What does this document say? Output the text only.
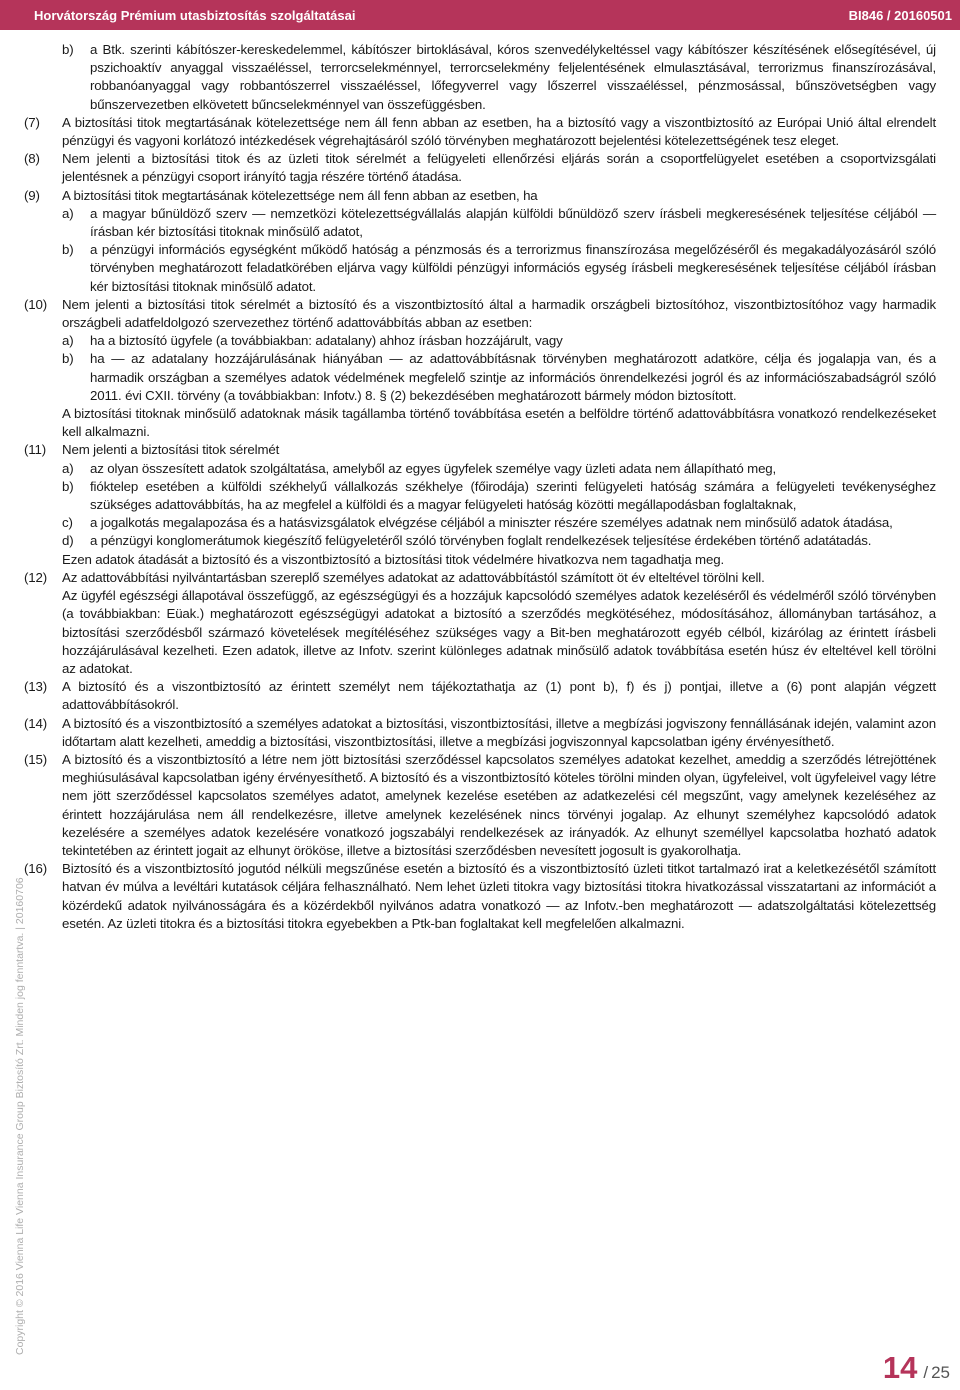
Horvátország Prémium utasbiztosítás szolgáltatásai	BI846 / 20160501
Copyright © 2016 Vienna Life Vienna Insurance Group Biztosító Zrt. Minden jog fenntartva. | 20160706
b)	a Btk. szerinti kábítószer-kereskedelemmel, kábítószer birtoklásával, kóros szenvedélykeltéssel vagy kábítószer készítésének elősegítésével, új pszichoaktív anyaggal visszaéléssel, terrorcselekménnyel, terrorcselekmény feljelentésének elmulasztásával, terrorizmus finanszírozásával, robbanóanyaggal vagy robbantószerrel visszaéléssel, lőfegyverrel vagy lőszerrel visszaéléssel, pénzmosással, bűnszövetségben vagy bűnszervezetben elkövetett bűncselekménnyel van összefüggésben.

(7)	A biztosítási titok megtartásának kötelezettsége nem áll fenn abban az esetben, ha a biztosító vagy a viszontbiztosító az Európai Unió által elrendelt pénzügyi és vagyoni korlátozó intézkedések végrehajtásáról szóló törvényben meghatározott bejelentési kötelezettségének tesz eleget.

(8)	Nem jelenti a biztosítási titok és az üzleti titok sérelmét a felügyeleti ellenőrzési eljárás során a csoportfelügyelet esetében a csoportvizsgálati jelentésnek a pénzügyi csoport irányító tagja részére történő átadása.

(9)	A biztosítási titok megtartásának kötelezettsége nem áll fenn abban az esetben, ha

a)	a magyar bűnüldöző szerv — nemzetközi kötelezettségvállalás alapján külföldi bűnüldöző szerv írásbeli megkeresésének teljesítése céljából — írásban kér biztosítási titoknak minősülő adatot,

b)	a pénzügyi információs egységként működő hatóság a pénzmosás és a terrorizmus finanszírozása megelőzéséről és megakadályozásáról szóló törvényben meghatározott feladatkörében eljárva vagy külföldi pénzügyi információs egység írásbeli megkeresésének teljesítése céljából írásban kér biztosítási titoknak minősülő adatot.

(10)	Nem jelenti a biztosítási titok sérelmét a biztosító és a viszontbiztosító által a harmadik országbeli biztosítóhoz, viszontbiztosítóhoz vagy harmadik országbeli adatfeldolgozó szervezethez történő adattovábbítás abban az esetben:

a)	ha a biztosító ügyfele (a továbbiakban: adatalany) ahhoz írásban hozzájárult, vagy

b)	ha — az adatalany hozzájárulásának hiányában — az adattovábbításnak törvényben meghatározott adatköre, célja és jogalapja van, és a harmadik országban a személyes adatok védelmének megfelelő szintje az információs önrendelkezési jogról és az információszabadságról szóló 2011. évi CXII. törvény (a továbbiakban: Infotv.) 8. § (2) bekezdésében meghatározott bármely módon biztosított.

A biztosítási titoknak minősülő adatoknak másik tagállamba történő továbbítása esetén a belföldre történő adattovábbításra vonatkozó rendelkezéseket kell alkalmazni.

(11)	Nem jelenti a biztosítási titok sérelmét

a)	az olyan összesített adatok szolgáltatása, amelyből az egyes ügyfelek személye vagy üzleti adata nem állapítható meg,

b)	fióktelep esetében a külföldi székhelyű vállalkozás székhelye (főirodája) szerinti felügyeleti hatóság számára a felügyeleti tevékenységhez szükséges adattovábbítás, ha az megfelel a külföldi és a magyar felügyeleti hatóság közötti megállapodásban foglaltaknak,

c)	a jogalkotás megalapozása és a hatásvizsgálatok elvégzése céljából a miniszter részére személyes adatnak nem minősülő adatok átadása,

d)	a pénzügyi konglomerátumok kiegészítő felügyeletéről szóló törvényben foglalt rendelkezések teljesítése érdekében történő adatátadás.

Ezen adatok átadását a biztosító és a viszontbiztosító a biztosítási titok védelmére hivatkozva nem tagadhatja meg.

(12)	Az adattovábbítási nyilvántartásban szereplő személyes adatokat az adattovábbítástól számított öt év elteltével törölni kell.

Az ügyfél egészségi állapotával összefüggő, az egészségügyi és a hozzájuk kapcsolódó személyes adatok kezeléséről és védelméről szóló törvényben (a továbbiakban: Eüak.) meghatározott egészségügyi adatokat a biztosító a szerződés megkötéséhez, módosításához, állományban tartásához, a biztosítási szerződésből származó követelések megítéléséhez szükséges vagy a Bit-ben meghatározott egyéb célból, kizárólag az érintett írásbeli hozzájárulásával kezelheti. Ezen adatok, illetve az Infotv. szerint különleges adatnak minősülő adatok továbbítása esetén húsz év elteltével kell törölni az adatokat.

(13)	A biztosító és a viszontbiztosító az érintett személyt nem tájékoztathatja az (1) pont b), f) és j) pontjai, illetve a (6) pont alapján végzett adattovábbításokról.

(14)	A biztosító és a viszontbiztosító a személyes adatokat a biztosítási, viszontbiztosítási, illetve a megbízási jogviszony fennállásának idején, valamint azon időtartam alatt kezelheti, ameddig a biztosítási, viszontbiztosítási, illetve a megbízási jogviszonnyal kapcsolatban igény érvényesíthető.

(15)	A biztosító és a viszontbiztosító a létre nem jött biztosítási szerződéssel kapcsolatos személyes adatokat kezelhet, ameddig a szerződés létrejöttének meghiúsulásával kapcsolatban igény érvényesíthető. A biztosító és a viszontbiztosító köteles törölni minden olyan, ügyfeleivel, volt ügyfeleivel vagy létre nem jött szerződéssel kapcsolatos személyes adatot, amelynek kezelése esetében az adatkezelési cél megszűnt, vagy amelynek kezeléséhez az érintett hozzájárulása nem áll rendelkezésre, illetve amelynek kezelésének nincs törvényi jogalap. Az elhunyt személyhez kapcsolódó adatok kezelésére a személyes adatok kezelésére vonatkozó jogszabályi rendelkezések az irányadók. Az elhunyt személlyel kapcsolatba hozható adatok tekintetében az érintett jogait az elhunyt örököse, illetve a biztosítási szerződésben nevesített jogosult is gyakorolhatja.

(16)	Biztosító és a viszontbiztosító jogutód nélküli megszűnése esetén a biztosító és a viszontbiztosító üzleti titkot tartalmazó irat a keletkezésétől számított hatvan év múlva a levéltári kutatások céljára felhasználható. Nem lehet üzleti titokra vagy biztosítási titokra hivatkozással visszatartani az információt a közérdekű adatok nyilvánosságára és a közérdekből nyilvános adatra vonatkozó — az Infotv.-ben meghatározott — adatszolgáltatási kötelezettség esetén. Az üzleti titokra és a biztosítási titokra egyebekben a Ptk-ban foglaltakat kell megfelelően alkalmazni.

14 / 25
